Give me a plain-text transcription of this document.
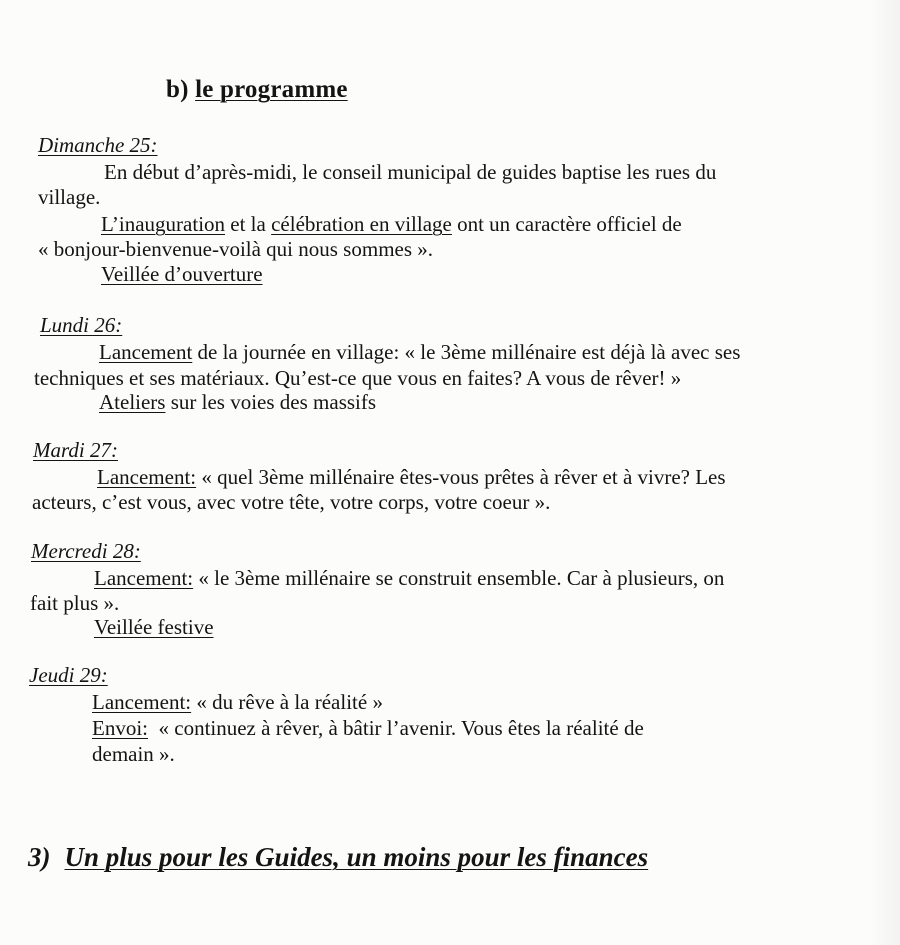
b) le programme
Dimanche 25:
En début d’après-midi, le conseil municipal de guides baptise les rues du
village.
L’inauguration et la célébration en village ont un caractère officiel de
« bonjour-bienvenue-voilà qui nous sommes ».
Veillée d’ouverture
Lundi 26:
Lancement de la journée en village: « le 3ème millénaire est déjà là avec ses
techniques et ses matériaux. Qu’est-ce que vous en faites? A vous de rêver! »
Ateliers sur les voies des massifs
Mardi 27:
Lancement: « quel 3ème millénaire êtes-vous prêtes à rêver et à vivre? Les
acteurs, c’est vous, avec votre tête, votre corps, votre coeur ».
Mercredi 28:
Lancement: « le 3ème millénaire se construit ensemble. Car à plusieurs, on
fait plus ».
Veillée festive
Jeudi 29:
Lancement: « du rêve à la réalité »
Envoi:  « continuez à rêver, à bâtir l’avenir. Vous êtes la réalité de
demain ».
3) Un plus pour les Guides, un moins pour les finances
